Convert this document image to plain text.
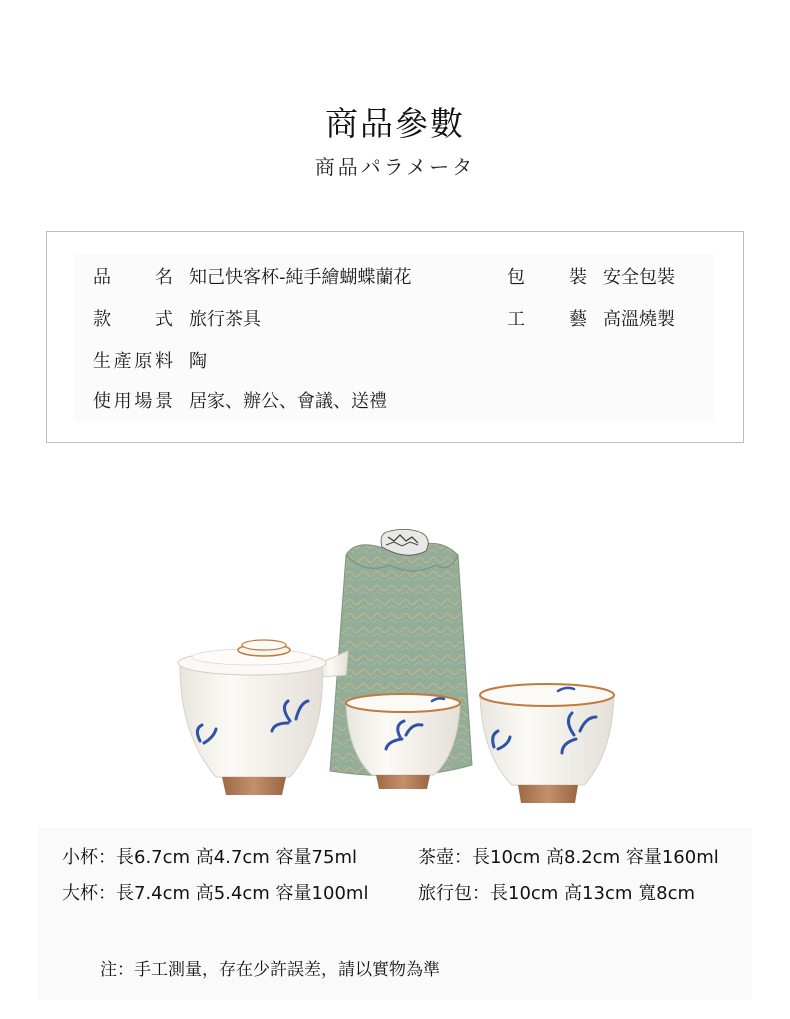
商品參數
商品パラメータ
品　名 知己快客杯-純手繪蝴蝶蘭花	包　裝 安全包裝
款　式 旅行茶具	工　藝 高溫燒製
生產原料 陶
使用場景 居家、辦公、會議、送禮
小杯：長6.7cm 高4.7cm 容量75ml	茶壺：長10cm 高8.2cm 容量160ml
大杯：長7.4cm 高5.4cm 容量100ml	旅行包：長10cm 高13cm 寬8cm
注：手工測量，存在少許誤差，請以實物為準
